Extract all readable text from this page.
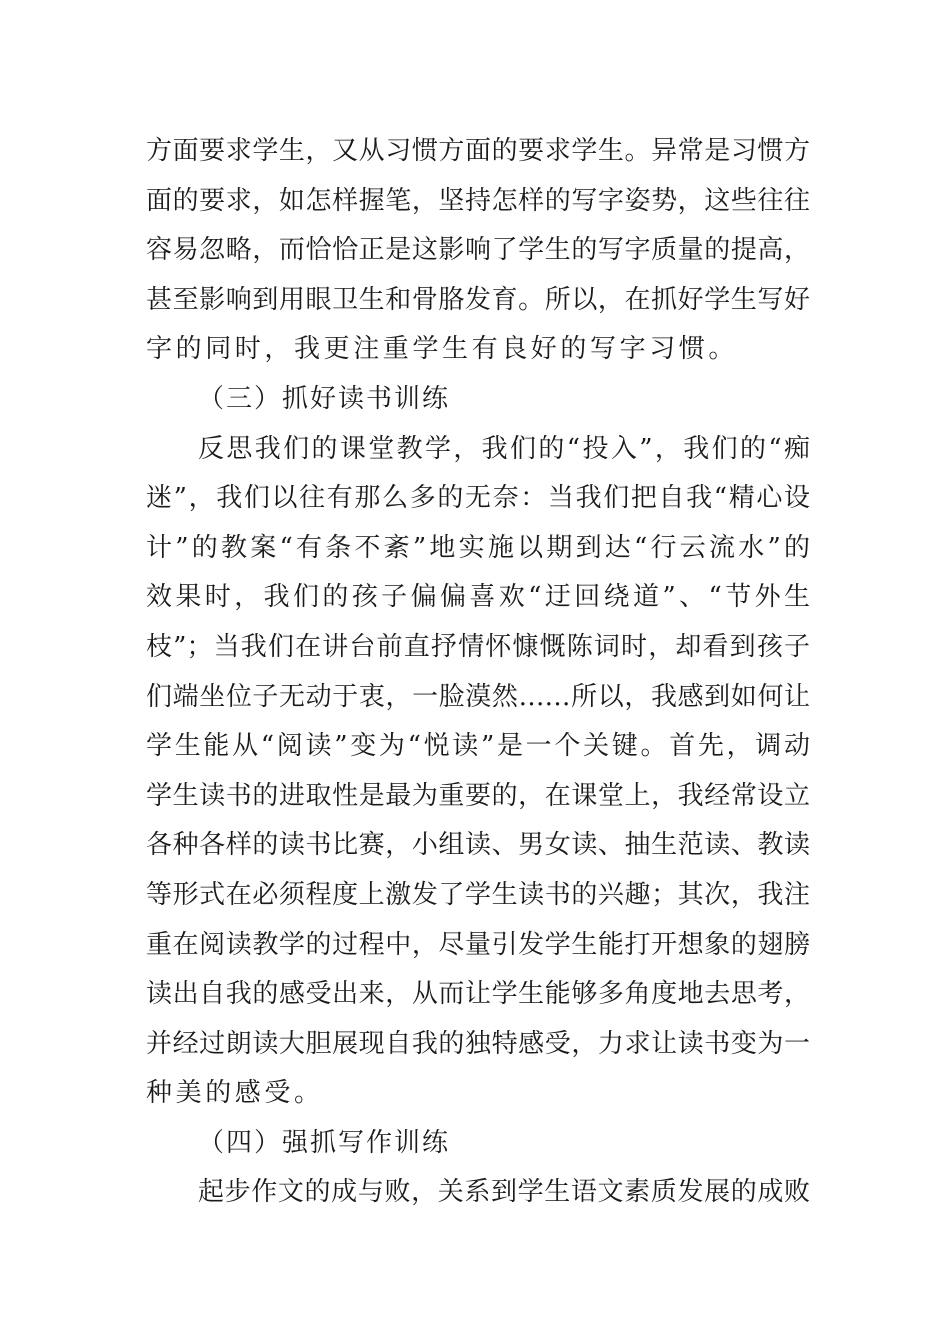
方面要求学生，又从习惯方面的要求学生。异常是习惯方
面的要求，如怎样握笔，坚持怎样的写字姿势，这些往往
容易忽略，而恰恰正是这影响了学生的写字质量的提高，
甚至影响到用眼卫生和骨胳发育。所以，在抓好学生写好
字的同时，我更注重学生有良好的写字习惯。
（三）抓好读书训练
反思我们的课堂教学，我们的“投入”，我们的“痴
迷”，我们以往有那么多的无奈：当我们把自我“精心设
计”的教案“有条不紊”地实施以期到达“行云流水”的
效果时，我们的孩子偏偏喜欢“迂回绕道”、“节外生
枝”；当我们在讲台前直抒情怀慷慨陈词时，却看到孩子
们端坐位子无动于衷，一脸漠然……所以，我感到如何让
学生能从“阅读”变为“悦读”是一个关键。首先，调动
学生读书的进取性是最为重要的，在课堂上，我经常设立
各种各样的读书比赛，小组读、男女读、抽生范读、教读
等形式在必须程度上激发了学生读书的兴趣；其次，我注
重在阅读教学的过程中，尽量引发学生能打开想象的翅膀
读出自我的感受出来，从而让学生能够多角度地去思考，
并经过朗读大胆展现自我的独特感受，力求让读书变为一
种美的感受。
（四）强抓写作训练
起步作文的成与败，关系到学生语文素质发展的成败
